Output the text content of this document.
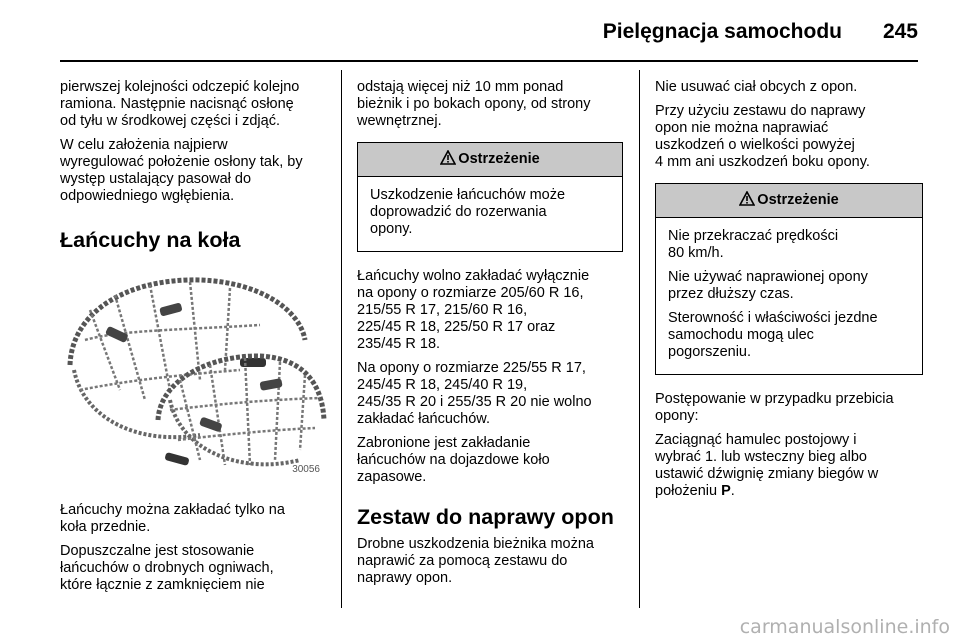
Pielęgnacja samochodu 245

pierwszej kolejności odczepić kolejno
ramiona. Następnie nacisnąć osłonę
od tyłu w środkowej części i zdjąć.

W celu założenia najpierw
wyregulować położenie osłony tak, by
występ ustalający pasował do
odpowiedniego wgłębienia.

Łańcuchy na koła
30056

Łańcuchy można zakładać tylko na
koła przednie.

Dopuszczalne jest stosowanie
łańcuchów o drobnych ogniwach,
które łącznie z zamknięciem nie

odstają więcej niż 10 mm ponad
bieżnik i po bokach opony, od strony
wewnętrznej.

Ostrzeżenie

Uszkodzenie łańcuchów może
doprowadzić do rozerwania
opony.

Łańcuchy wolno zakładać wyłącznie
na opony o rozmiarze 205/60 R 16,
215/55 R 17, 215/60 R 16,
225/45 R 18, 225/50 R 17 oraz
235/45 R 18.

Na opony o rozmiarze 225/55 R 17,
245/45 R 18, 245/40 R 19,
245/35 R 20 i 255/35 R 20 nie wolno
zakładać łańcuchów.

Zabronione jest zakładanie
łańcuchów na dojazdowe koło
zapasowe.

Zestaw do naprawy opon

Drobne uszkodzenia bieżnika można
naprawić za pomocą zestawu do
naprawy opon.

Nie usuwać ciał obcych z opon.

Przy użyciu zestawu do naprawy
opon nie można naprawiać
uszkodzeń o wielkości powyżej
4 mm ani uszkodzeń boku opony.

Ostrzeżenie

Nie przekraczać prędkości
80 km/h.

Nie używać naprawionej opony
przez dłuższy czas.

Sterowność i właściwości jezdne
samochodu mogą ulec
pogorszeniu.

Postępowanie w przypadku przebicia
opony:

Zaciągnąć hamulec postojowy i
wybrać 1. lub wsteczny bieg albo
ustawić dźwignię zmiany biegów w
położeniu P.

carmanualsonline.info
